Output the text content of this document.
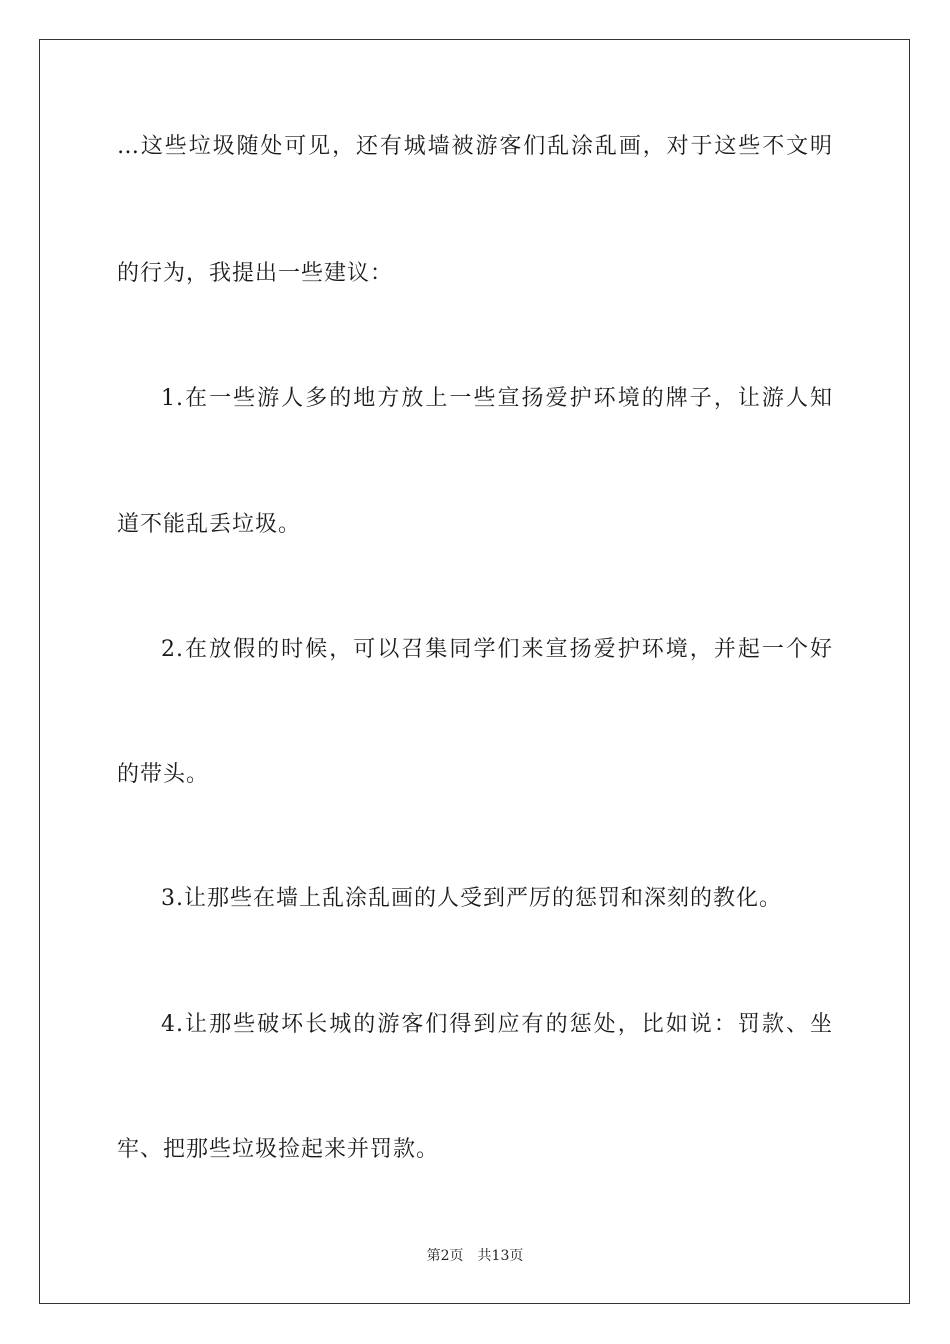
…这些垃圾随处可见，还有城墙被游客们乱涂乱画，对于这些不文明
的行为，我提出一些建议：
1.在一些游人多的地方放上一些宣扬爱护环境的牌子，让游人知
道不能乱丢垃圾。
2.在放假的时候，可以召集同学们来宣扬爱护环境，并起一个好
的带头。
3.让那些在墙上乱涂乱画的人受到严厉的惩罚和深刻的教化。
4.让那些破坏长城的游客们得到应有的惩处，比如说：罚款、坐
牢、把那些垃圾捡起来并罚款。
第2页 共13页
